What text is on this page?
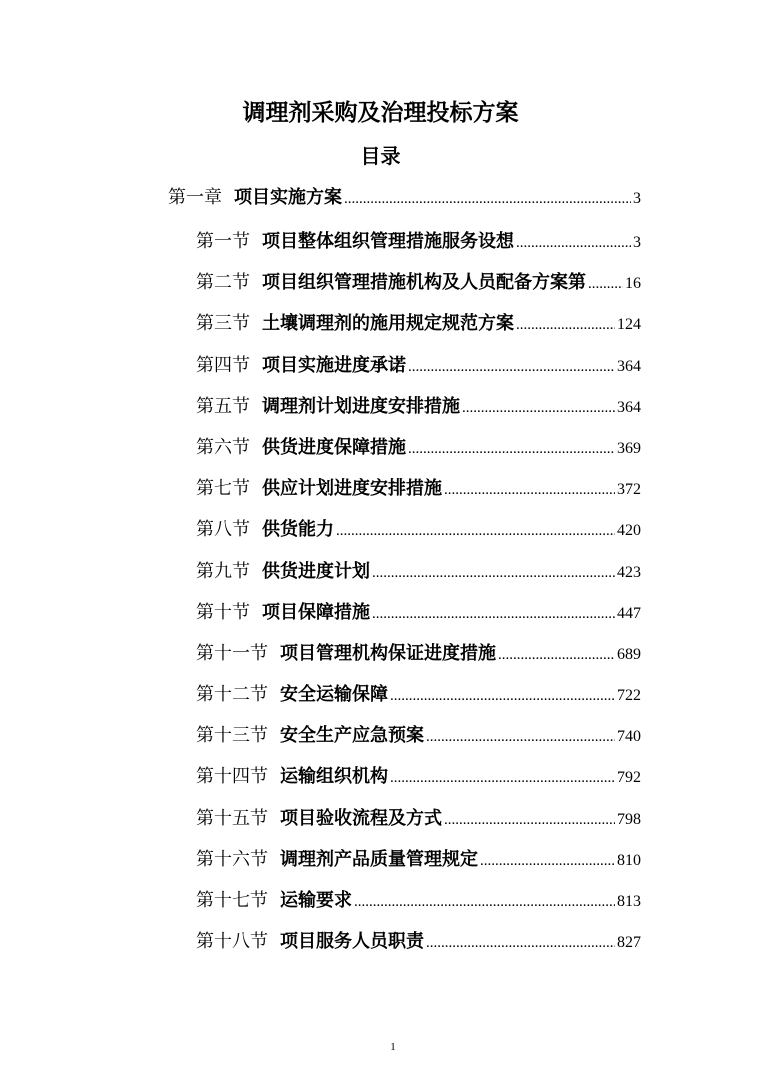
调理剂采购及治理投标方案
目录
第一章 项目实施方案 .....	3
第一节 项目整体组织管理措施服务设想 .....	3
第二节 项目组织管理措施机构及人员配备方案第 ..... 16
第三节 土壤调理剂的施用规定规范方案 .....	124
第四节 项目实施进度承诺 .....	364
第五节 调理剂计划进度安排措施 .....	364
第六节 供货进度保障措施 .....	369
第七节 供应计划进度安排措施 .....	372
第八节 供货能力 .....	420
第九节 供货进度计划 .....	423
第十节 项目保障措施 .....	447
第十一节 项目管理机构保证进度措施 .....	689
第十二节 安全运输保障 .....	722
第十三节 安全生产应急预案 .....	740
第十四节 运输组织机构 .....	792
第十五节 项目验收流程及方式 .....	798
第十六节 调理剂产品质量管理规定 .....	810
第十七节 运输要求 .....	813
第十八节 项目服务人员职责 .....	827
1
